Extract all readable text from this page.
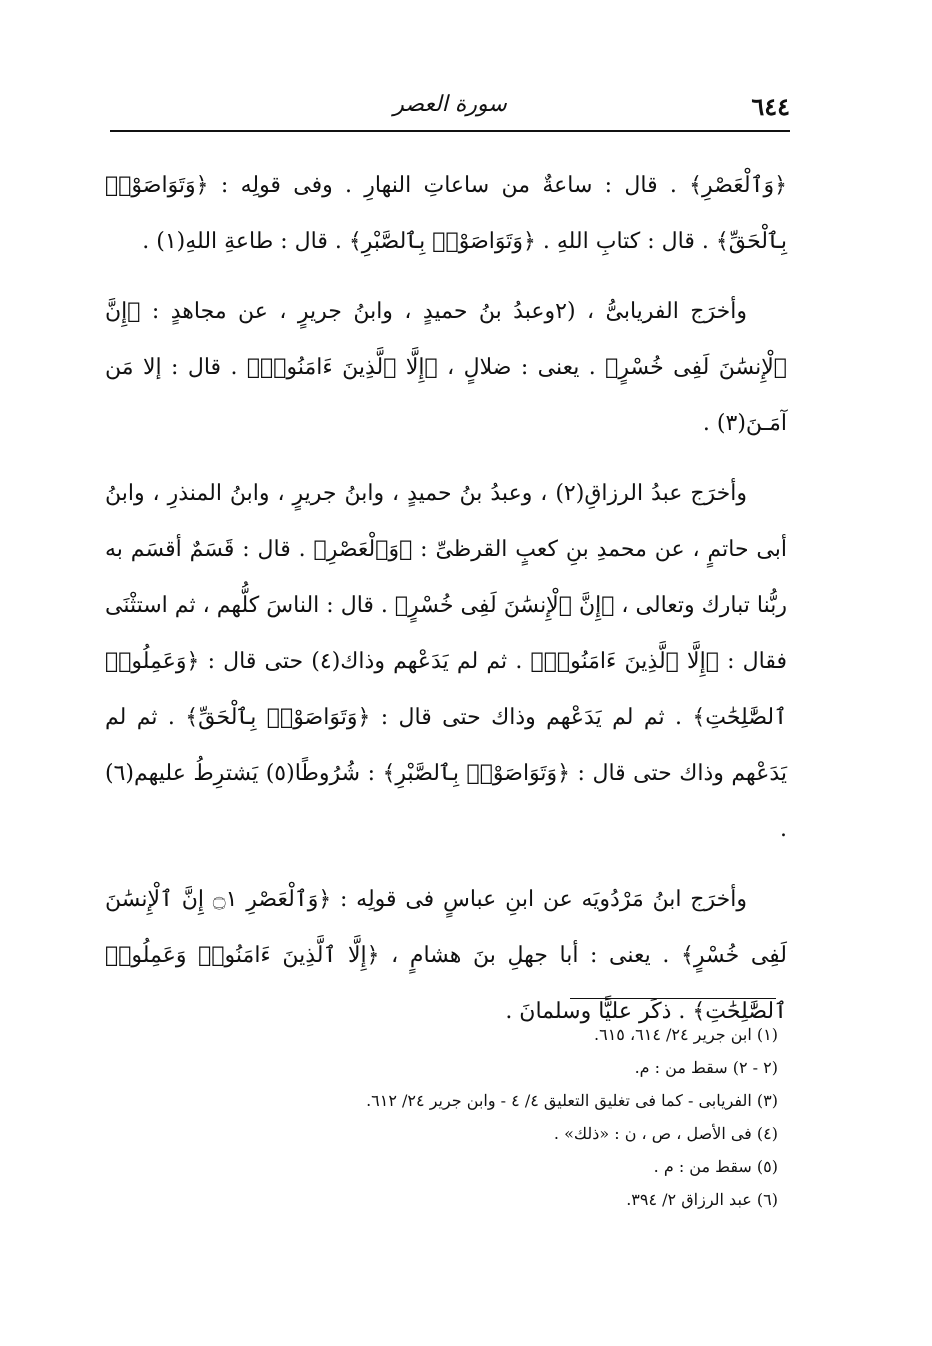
٦٤٤
سورة العصر

﴿وَٱلْعَصْرِ﴾ . قال : ساعةٌ من ساعاتِ النهارِ . وفى قولِه : ﴿وَتَوَاصَوْا۟ بِٱلْحَقِّ﴾ . قال : كتابِ اللهِ . ﴿وَتَوَاصَوْا۟ بِٱلصَّبْرِ﴾ . قال : طاعةِ اللهِ(١) .

وأخرَج الفريابىُّ ، (٢وعبدُ بنُ حميدٍ ، وابنُ جريرٍ ، عن مجاهدٍ : ﴿إِنَّ ٱلْإِنسَٰنَ لَفِى خُسْرٍ﴾ . يعنى : ضلالٍ ، ﴿إِلَّا ٱلَّذِينَ ءَامَنُوا۟﴾ . قال : إلا مَن آمَـنَ(٣) .

وأخرَج عبدُ الرزاقِ(٢) ، وعبدُ بنُ حميدٍ ، وابنُ جريرٍ ، وابنُ المنذرِ ، وابنُ أبى حاتمٍ ، عن محمدِ بنِ كعبٍ القرظىِّ : ﴿وَٱلْعَصْرِ﴾ . قال : قَسَمٌ أقسَم به ربُّنا تبارك وتعالى ، ﴿إِنَّ ٱلْإِنسَٰنَ لَفِى خُسْرٍ﴾ . قال : الناسَ كلُّهم ، ثم استثْنَى فقال : ﴿إِلَّا ٱلَّذِينَ ءَامَنُوا۟﴾ . ثم لم يَدَعْهم وذاك(٤) حتى قال : ﴿وَعَمِلُوا۟ ٱلصَّٰلِحَٰتِ﴾ . ثم لم يَدَعْهم وذاك حتى قال : ﴿وَتَوَاصَوْا۟ بِٱلْحَقِّ﴾ . ثم لم يَدَعْهم وذاك حتى قال : ﴿وَتَوَاصَوْا۟ بِٱلصَّبْرِ﴾ : شُرُوطًا(٥) يَشترِطُ عليهم(٦) .

وأخرَج ابنُ مَرْدُويَه عن ابنِ عباسٍ فى قولِه : ﴿وَٱلْعَصْرِ ۝١ إِنَّ ٱلْإِنسَٰنَ لَفِى خُسْرٍ﴾ . يعنى : أبا جهلِ بنَ هشامٍ ، ﴿إِلَّا ٱلَّذِينَ ءَامَنُوا۟ وَعَمِلُوا۟ ٱلصَّٰلِحَٰتِ﴾ . ذكَر عليًّا وسلمانَ .

(١) ابن جرير ٢٤/ ٦١٤، ٦١٥.

(٢ - ٢) سقط من : م.

(٣) الفريابى - كما فى تغليق التعليق ٤/ ٤ - وابن جرير ٢٤/ ٦١٢.

(٤) فى الأصل ، ص ، ن : «ذلك» .

(٥) سقط من : م .

(٦) عبد الرزاق ٢/ ٣٩٤.
